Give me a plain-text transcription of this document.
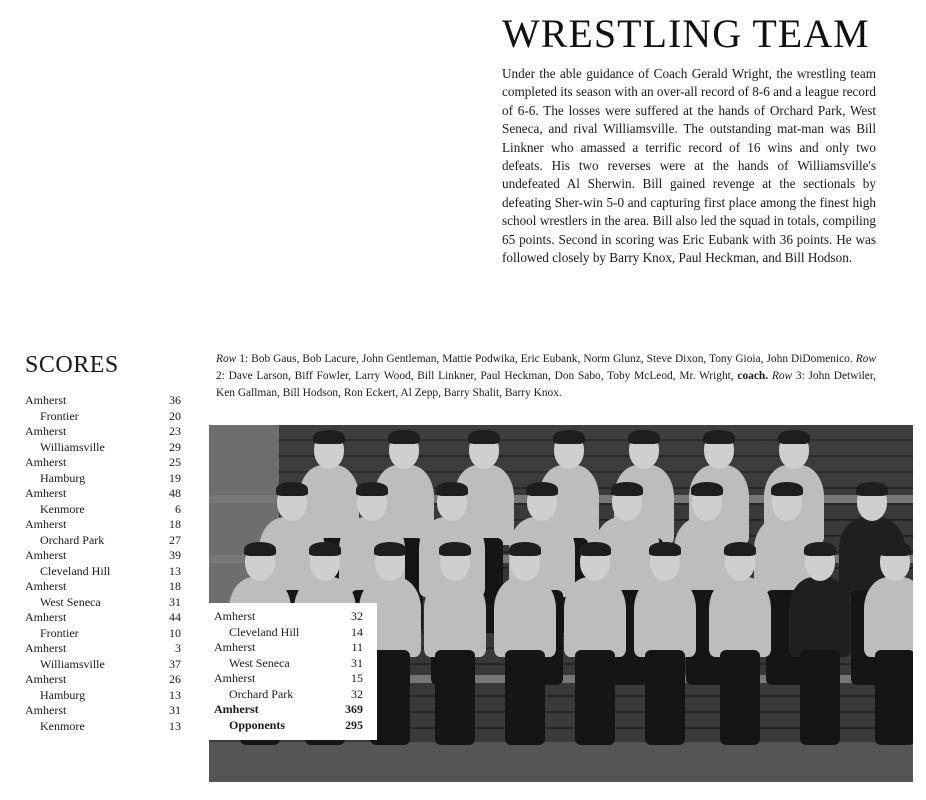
WRESTLING TEAM

Under the able guidance of Coach Gerald Wright, the wrestling team completed its season with an over-all record of 8-6 and a league record of 6-6. The losses were suffered at the hands of Orchard Park, West Seneca, and rival Williamsville. The outstanding mat-man was Bill Linkner who amassed a terrific record of 16 wins and only two defeats. His two reverses were at the hands of Williamsville's undefeated Al Sherwin. Bill gained revenge at the sectionals by defeating Sher-win 5-0 and capturing first place among the finest high school wrestlers in the area. Bill also led the squad in totals, compiling 65 points. Second in scoring was Eric Eubank with 36 points. He was followed closely by Barry Knox, Paul Heckman, and Bill Hodson.

SCORES
Amherst	36
Frontier	20
Amherst	23
Williamsville	29
Amherst	25
Hamburg	19
Amherst	48
Kenmore	6
Amherst	18
Orchard Park	27
Amherst	39
Cleveland Hill	13
Amherst	18
West Seneca	31
Amherst	44
Frontier	10
Amherst	3
Williamsville	37
Amherst	26
Hamburg	13
Amherst	31
Kenmore	13

Row 1: Bob Gaus, Bob Lacure, John Gentleman, Mattie Podwika, Eric Eubank, Norm Glunz, Steve Dixon, Tony Gioia, John DiDomenico. Row 2: Dave Larson, Biff Fowler, Larry Wood, Bill Linkner, Paul Heckman, Don Sabo, Toby McLeod, Mr. Wright, coach. Row 3: John Detwiler, Ken Gallman, Bill Hodson, Ron Eckert, Al Zepp, Barry Shalit, Barry Knox.

Amherst	32
Cleveland Hill	14
Amherst	11
West Seneca	31
Amherst	15
Orchard Park	32
Amherst	369
Opponents	295
